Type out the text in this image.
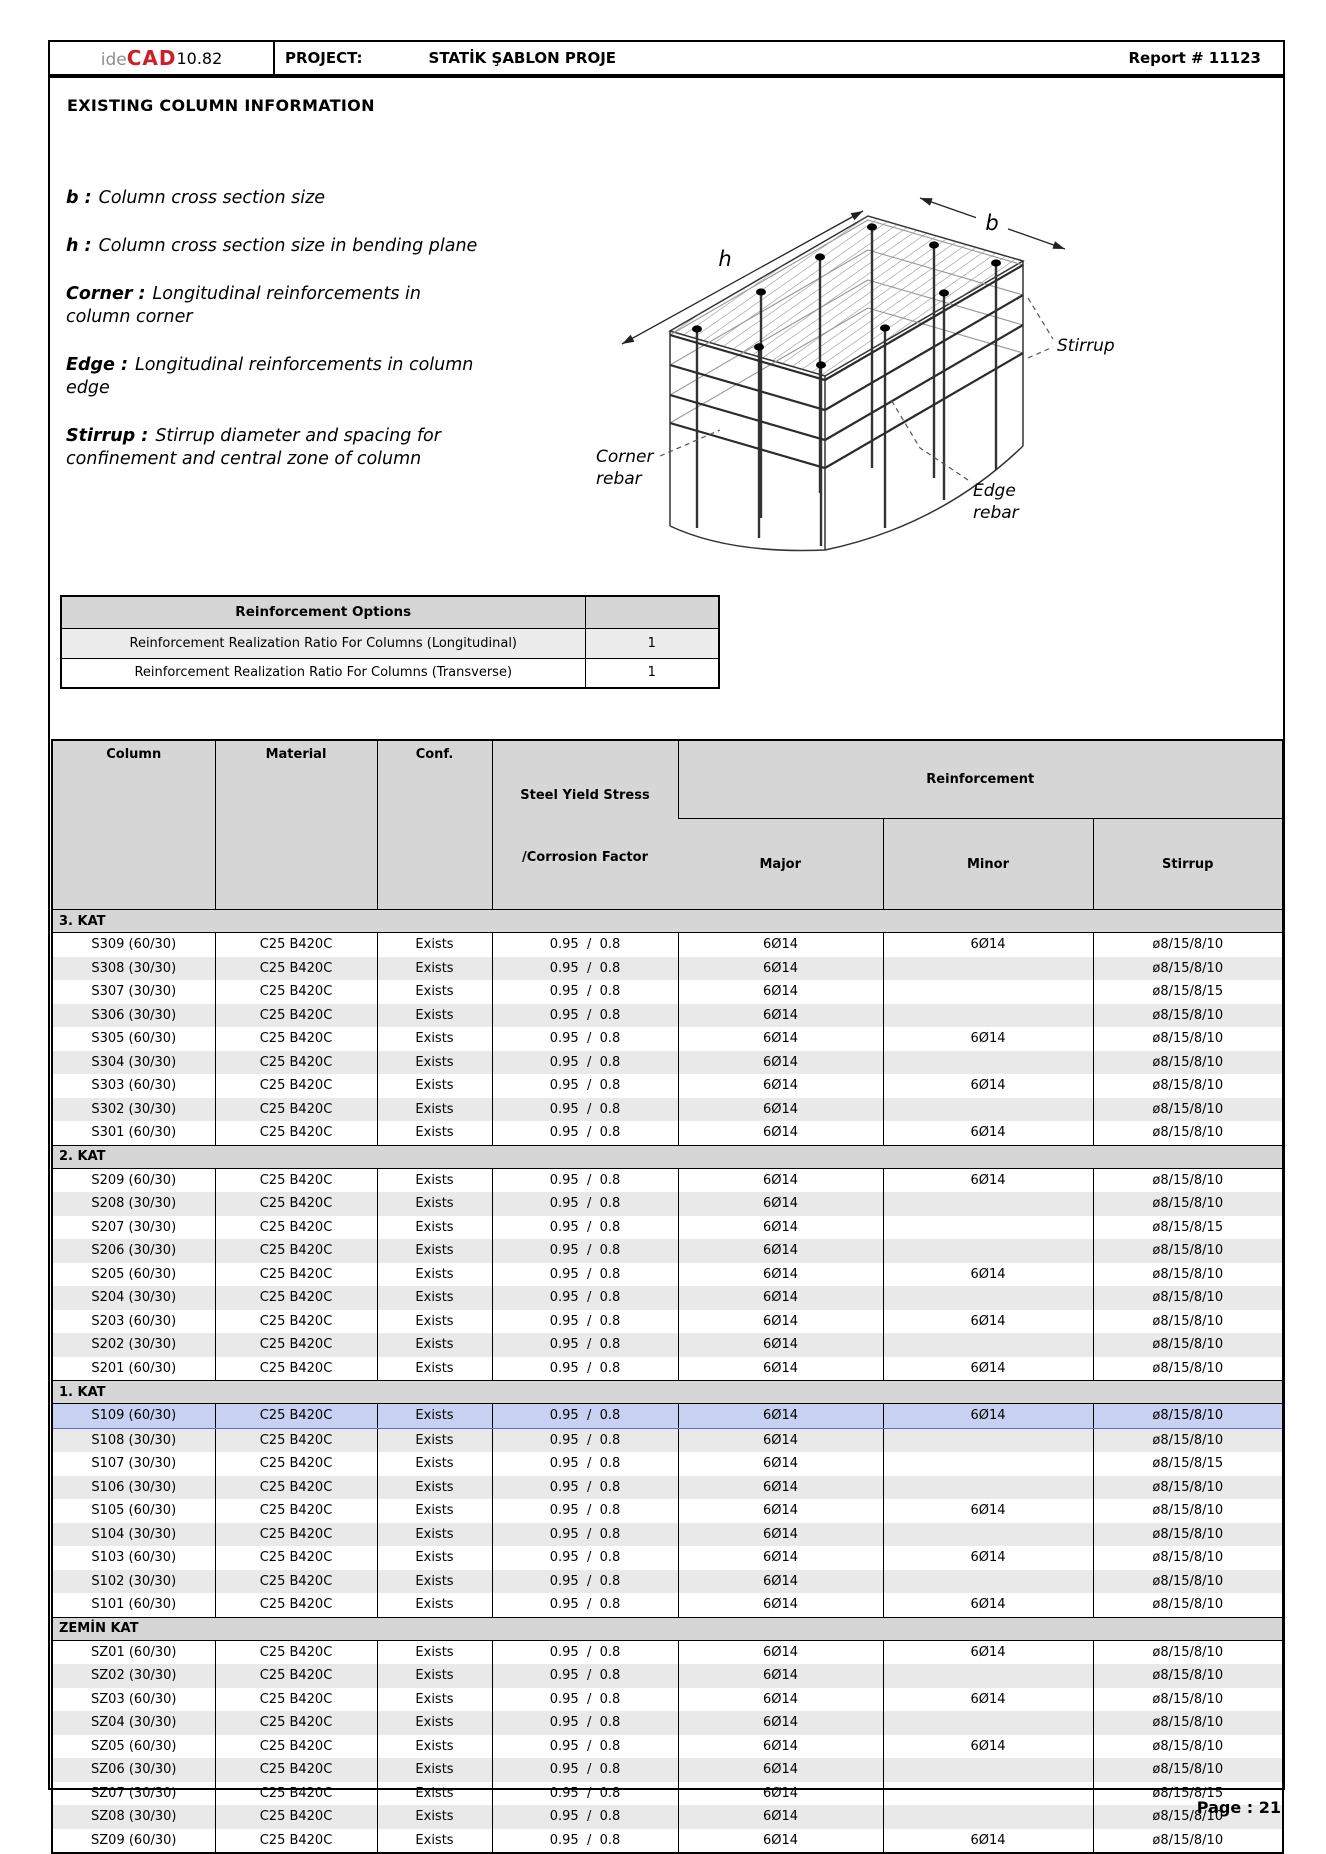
ideCAD 10.82	PROJECT:	STATİK ŞABLON PROJE	Report # 11123
EXISTING COLUMN INFORMATION

b : Column cross section size

h : Column cross section size in bending plane

Corner : Longitudinal reinforcements in column corner

Edge : Longitudinal reinforcements in column edge

Stirrup : Stirrup diameter and spacing for confinement and central zone of column

h
b
Stirrup
Corner
rebar
Edge
rebar
Reinforcement Options	
Reinforcement Realization Ratio For Columns (Longitudinal)	1
Reinforcement Realization Ratio For Columns (Transverse)	1
Column	Material	Conf.	Steel Yield Stress

/Corrosion Factor	Reinforcement		
				Major	Minor	Stirrup
3. KAT						
S309 (60/30)	C25 B420C	Exists	0.95  /  0.8	6Ø14	6Ø14	ø8/15/8/10
S308 (30/30)	C25 B420C	Exists	0.95  /  0.8	6Ø14		ø8/15/8/10
S307 (30/30)	C25 B420C	Exists	0.95  /  0.8	6Ø14		ø8/15/8/15
S306 (30/30)	C25 B420C	Exists	0.95  /  0.8	6Ø14		ø8/15/8/10
S305 (60/30)	C25 B420C	Exists	0.95  /  0.8	6Ø14	6Ø14	ø8/15/8/10
S304 (30/30)	C25 B420C	Exists	0.95  /  0.8	6Ø14		ø8/15/8/10
S303 (60/30)	C25 B420C	Exists	0.95  /  0.8	6Ø14	6Ø14	ø8/15/8/10
S302 (30/30)	C25 B420C	Exists	0.95  /  0.8	6Ø14		ø8/15/8/10
S301 (60/30)	C25 B420C	Exists	0.95  /  0.8	6Ø14	6Ø14	ø8/15/8/10
2. KAT						
S209 (60/30)	C25 B420C	Exists	0.95  /  0.8	6Ø14	6Ø14	ø8/15/8/10
S208 (30/30)	C25 B420C	Exists	0.95  /  0.8	6Ø14		ø8/15/8/10
S207 (30/30)	C25 B420C	Exists	0.95  /  0.8	6Ø14		ø8/15/8/15
S206 (30/30)	C25 B420C	Exists	0.95  /  0.8	6Ø14		ø8/15/8/10
S205 (60/30)	C25 B420C	Exists	0.95  /  0.8	6Ø14	6Ø14	ø8/15/8/10
S204 (30/30)	C25 B420C	Exists	0.95  /  0.8	6Ø14		ø8/15/8/10
S203 (60/30)	C25 B420C	Exists	0.95  /  0.8	6Ø14	6Ø14	ø8/15/8/10
S202 (30/30)	C25 B420C	Exists	0.95  /  0.8	6Ø14		ø8/15/8/10
S201 (60/30)	C25 B420C	Exists	0.95  /  0.8	6Ø14	6Ø14	ø8/15/8/10
1. KAT						
S109 (60/30)	C25 B420C	Exists	0.95  /  0.8	6Ø14	6Ø14	ø8/15/8/10
S108 (30/30)	C25 B420C	Exists	0.95  /  0.8	6Ø14		ø8/15/8/10
S107 (30/30)	C25 B420C	Exists	0.95  /  0.8	6Ø14		ø8/15/8/15
S106 (30/30)	C25 B420C	Exists	0.95  /  0.8	6Ø14		ø8/15/8/10
S105 (60/30)	C25 B420C	Exists	0.95  /  0.8	6Ø14	6Ø14	ø8/15/8/10
S104 (30/30)	C25 B420C	Exists	0.95  /  0.8	6Ø14		ø8/15/8/10
S103 (60/30)	C25 B420C	Exists	0.95  /  0.8	6Ø14	6Ø14	ø8/15/8/10
S102 (30/30)	C25 B420C	Exists	0.95  /  0.8	6Ø14		ø8/15/8/10
S101 (60/30)	C25 B420C	Exists	0.95  /  0.8	6Ø14	6Ø14	ø8/15/8/10
ZEMİN KAT						
SZ01 (60/30)	C25 B420C	Exists	0.95  /  0.8	6Ø14	6Ø14	ø8/15/8/10
SZ02 (30/30)	C25 B420C	Exists	0.95  /  0.8	6Ø14		ø8/15/8/10
SZ03 (60/30)	C25 B420C	Exists	0.95  /  0.8	6Ø14	6Ø14	ø8/15/8/10
SZ04 (30/30)	C25 B420C	Exists	0.95  /  0.8	6Ø14		ø8/15/8/10
SZ05 (60/30)	C25 B420C	Exists	0.95  /  0.8	6Ø14	6Ø14	ø8/15/8/10
SZ06 (30/30)	C25 B420C	Exists	0.95  /  0.8	6Ø14		ø8/15/8/10
SZ07 (30/30)	C25 B420C	Exists	0.95  /  0.8	6Ø14		ø8/15/8/15
SZ08 (30/30)	C25 B420C	Exists	0.95  /  0.8	6Ø14		ø8/15/8/10
SZ09 (60/30)	C25 B420C	Exists	0.95  /  0.8	6Ø14	6Ø14	ø8/15/8/10
Page : 21
